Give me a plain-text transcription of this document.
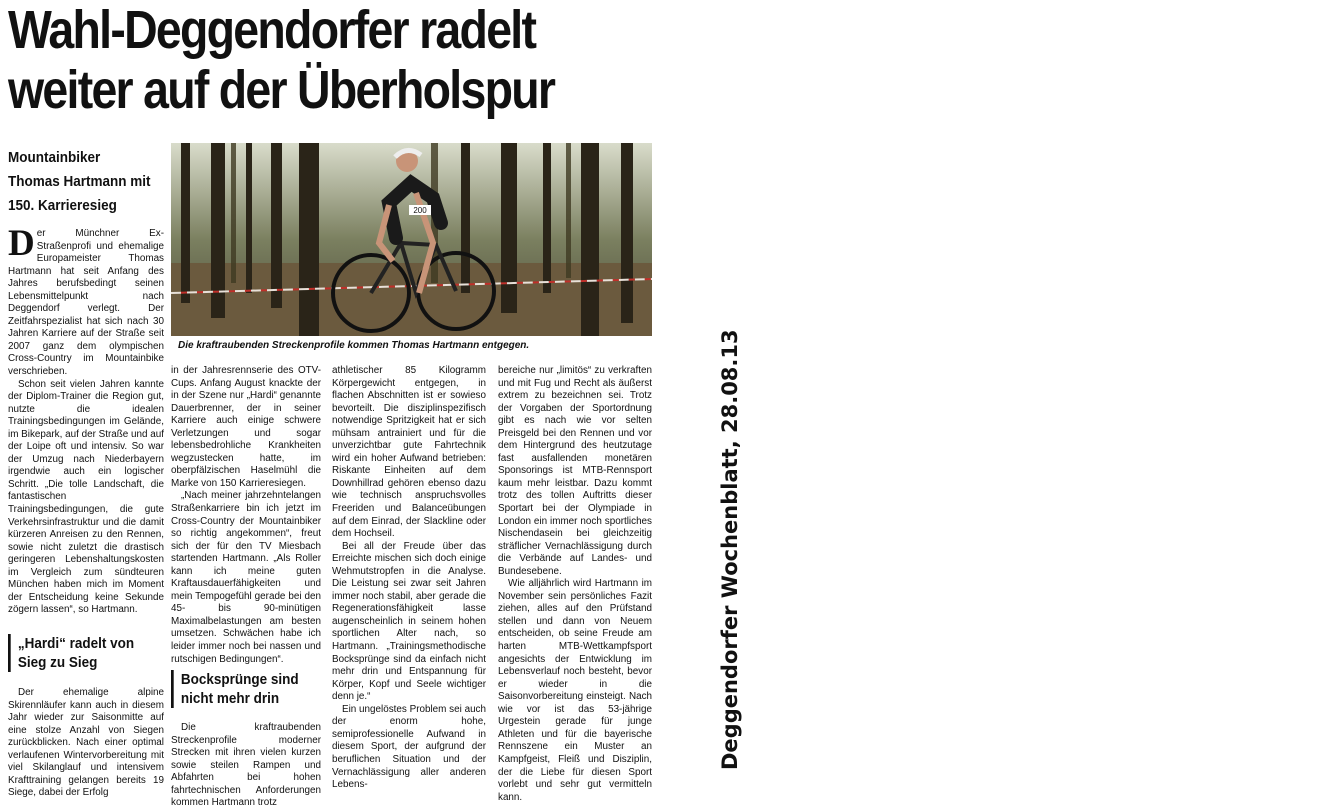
Wahl-Deggendorfer radelt
weiter auf der Überholspur
Mountainbiker Thomas Hartmann mit 150. Karrieresieg	200
Die kraftraubenden Streckenprofile kommen Thomas Hartmann entgegen.

Der Münchner Ex-Straßenprofi und ehemalige Europameister Thomas Hartmann hat seit Anfang des Jahres berufsbedingt seinen Lebensmittelpunkt nach Deggendorf verlegt. Der Zeitfahrspezialist hat sich nach 30 Jahren Karriere auf der Straße seit 2007 ganz dem olympischen Cross-Country im Mountainbike verschrieben.

Schon seit vielen Jahren kannte der Diplom-Trainer die Region gut, nutzte die idealen Trainingsbedingungen im Gelände, im Bikepark, auf der Straße und auf der Loipe oft und intensiv. So war der Umzug nach Niederbayern irgendwie auch ein logischer Schritt. „Die tolle Landschaft, die fantastischen Trainingsbedingungen, die gute Verkehrsinfrastruktur und die damit kürzeren Anreisen zu den Rennen, sowie nicht zuletzt die drastisch geringeren Lebenshaltungskosten im Vergleich zum sündteuren München haben mich im Moment der Entscheidung keine Sekunde zögern lassen“, so Hartmann.

„Hardi“ radelt von Sieg zu Sieg

Der ehemalige alpine Skirennläufer kann auch in diesem Jahr wieder zur Saisonmitte auf eine stolze Anzahl von Siegen zurückblicken. Nach einer optimal verlaufenen Wintervorbereitung mit viel Skilanglauf und intensivem Krafttraining gelangen bereits 19 Siege, dabei der Erfolg

in der Jahresrennserie des OTV-Cups. Anfang August knackte der in der Szene nur „Hardi“ genannte Dauerbrenner, der in seiner Karriere auch einige schwere Verletzungen und sogar lebensbedrohliche Krankheiten wegzustecken hatte, im oberpfälzischen Haselmühl die Marke von 150 Karrieresiegen.

„Nach meiner jahrzehntelangen Straßenkarriere bin ich jetzt im Cross-Country der Mountainbiker so richtig angekommen“, freut sich der für den TV Miesbach startenden Hartmann. „Als Roller kann ich meine guten Kraftausdauerfähigkeiten und mein Tempogefühl gerade bei den 45- bis 90-minütigen Maximalbelastungen am besten umsetzen. Schwächen habe ich leider immer noch bei nassen und rutschigen Bedingungen“.

Bocksprünge sind nicht mehr drin

Die kraftraubenden Streckenprofile moderner Strecken mit ihren vielen kurzen sowie steilen Rampen und Abfahrten bei hohen fahrtechnischen Anforderungen kommen Hartmann trotz

athletischer 85 Kilogramm Körpergewicht entgegen, in flachen Abschnitten ist er sowieso bevorteilt. Die disziplinspezifisch notwendige Spritzigkeit hat er sich mühsam antrainiert und für die unverzichtbar gute Fahrtechnik wird ein hoher Aufwand betrieben: Riskante Einheiten auf dem Downhillrad gehören ebenso dazu wie technisch anspruchsvolles Freeriden und Balanceübungen auf dem Einrad, der Slackline oder dem Hochseil.

Bei all der Freude über das Erreichte mischen sich doch einige Wehmutstropfen in die Analyse. Die Leistung sei zwar seit Jahren immer noch stabil, aber gerade die Regenerationsfähigkeit lasse augenscheinlich in seinem hohen sportlichen Alter nach, so Hartmann. „Trainingsmethodische Bocksprünge sind da einfach nicht mehr drin und Entspannung für Körper, Kopf und Seele wichtiger denn je.“

Ein ungelöstes Problem sei auch der enorm hohe, semiprofessionelle Aufwand in diesem Sport, der aufgrund der beruflichen Situation und der Vernachlässigung aller anderen Lebens-

bereiche nur „limitös“ zu verkraften und mit Fug und Recht als äußerst extrem zu bezeichnen sei. Trotz der Vorgaben der Sportordnung gibt es nach wie vor selten Preisgeld bei den Rennen und vor dem Hintergrund des heutzutage fast ausfallenden monetären Sponsorings ist MTB-Rennsport kaum mehr leistbar. Dazu kommt trotz des tollen Auftritts dieser Sportart bei der Olympiade in London ein immer noch sportliches Nischendasein bei gleichzeitig sträflicher Vernachlässigung durch die Verbände auf Landes- und Bundesebene.

Wie alljährlich wird Hartmann im November sein persönliches Fazit ziehen, alles auf den Prüfstand stellen und dann von Neuem entscheiden, ob seine Freude am harten MTB-Wettkampfsport angesichts der Entwicklung im Lebensverlauf noch besteht, bevor er wieder in die Saisonvorbereitung einsteigt. Nach wie vor ist das 53-jährige Urgestein gerade für junge Athleten und für die bayerische Rennszene ein Muster an Kampfgeist, Fleiß und Disziplin, der die Liebe für diesen Sport vorlebt und sehr gut vermitteln kann.

Deggendorfer Wochenblatt, 28.08.13
